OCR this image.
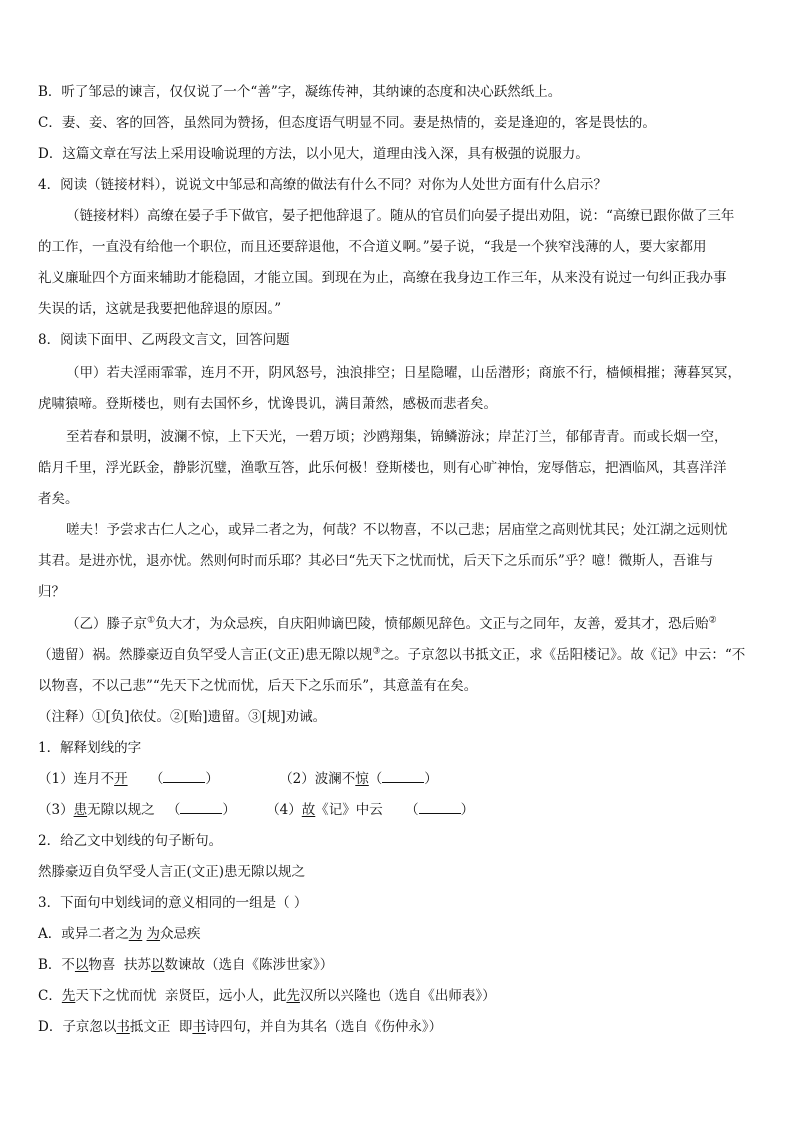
B．听了邹忌的谏言，仅仅说了一个“善”字，凝练传神，其纳谏的态度和决心跃然纸上。
C．妻、妾、客的回答，虽然同为赞扬，但态度语气明显不同。妻是热情的，妾是逢迎的，客是畏怯的。
D．这篇文章在写法上采用设喻说理的方法，以小见大，道理由浅入深，具有极强的说服力。
4．阅读（链接材料），说说文中邹忌和高缭的做法有什么不同？对你为人处世方面有什么启示？
（链接材料）高缭在晏子手下做官，晏子把他辞退了。随从的官员们向晏子提出劝阻，说：“高缭已跟你做了三年
的工作，一直没有给他一个职位，而且还要辞退他，不合道义啊。”晏子说，“我是一个狭窄浅薄的人，要大家都用
礼义廉耻四个方面来辅助才能稳固，才能立国。到现在为止，高缭在我身边工作三年，从来没有说过一句纠正我办事
失误的话，这就是我要把他辞退的原因。”
8．阅读下面甲、乙两段文言文，回答问题
（甲）若夫淫雨霏霏，连月不开，阴风怒号，浊浪排空；日星隐曜，山岳潜形；商旅不行，樯倾楫摧；薄暮冥冥，
虎啸猿啼。登斯楼也，则有去国怀乡，忧谗畏讥，满目萧然，感极而悲者矣。
至若春和景明，波澜不惊，上下天光，一碧万顷；沙鸥翔集，锦鳞游泳；岸芷汀兰，郁郁青青。而或长烟一空，
皓月千里，浮光跃金，静影沉璧，渔歌互答，此乐何极！登斯楼也，则有心旷神怡，宠辱偕忘，把酒临风，其喜洋洋
者矣。
嗟夫！予尝求古仁人之心，或异二者之为，何哉？不以物喜，不以己悲；居庙堂之高则忧其民；处江湖之远则忧
其君。是进亦忧，退亦忧。然则何时而乐耶？其必曰“先天下之忧而忧，后天下之乐而乐”乎？噫！微斯人，吾谁与
归？
（乙）滕子京①负大才，为众忌疾，自庆阳帅谪巴陵，愤郁颇见辞色。文正与之同年，友善，爱其才，恐后贻②
（遗留）祸。然滕豪迈自负罕受人言正(文正)患无隙以规③之。子京忽以书抵文正，求《岳阳楼记》。故《记》中云：“不
以物喜，不以己悲”“先天下之忧而忧，后天下之乐而乐”，其意盖有在矣。
（注释）①[负]依仗。②[贻]遗留。③[规]劝诫。
1．解释划线的字
（1）连月不开 （	）	（2）波澜不惊（	）
（3）患无隙以规之 （	） （4）故《记》中云 （	）
2．给乙文中划线的句子断句。
然滕豪迈自负罕受人言正(文正)患无隙以规之
3．下面句中划线词的意义相同的一组是（ ）
A．或异二者之为 为众忌疾
B．不以物喜  扶苏以数谏故（选自《陈涉世家》）
C．先天下之忧而忧  亲贤臣，远小人，此先汉所以兴隆也（选自《出师表》）
D．子京忽以书抵文正  即书诗四句，并自为其名（选自《伤仲永》）
